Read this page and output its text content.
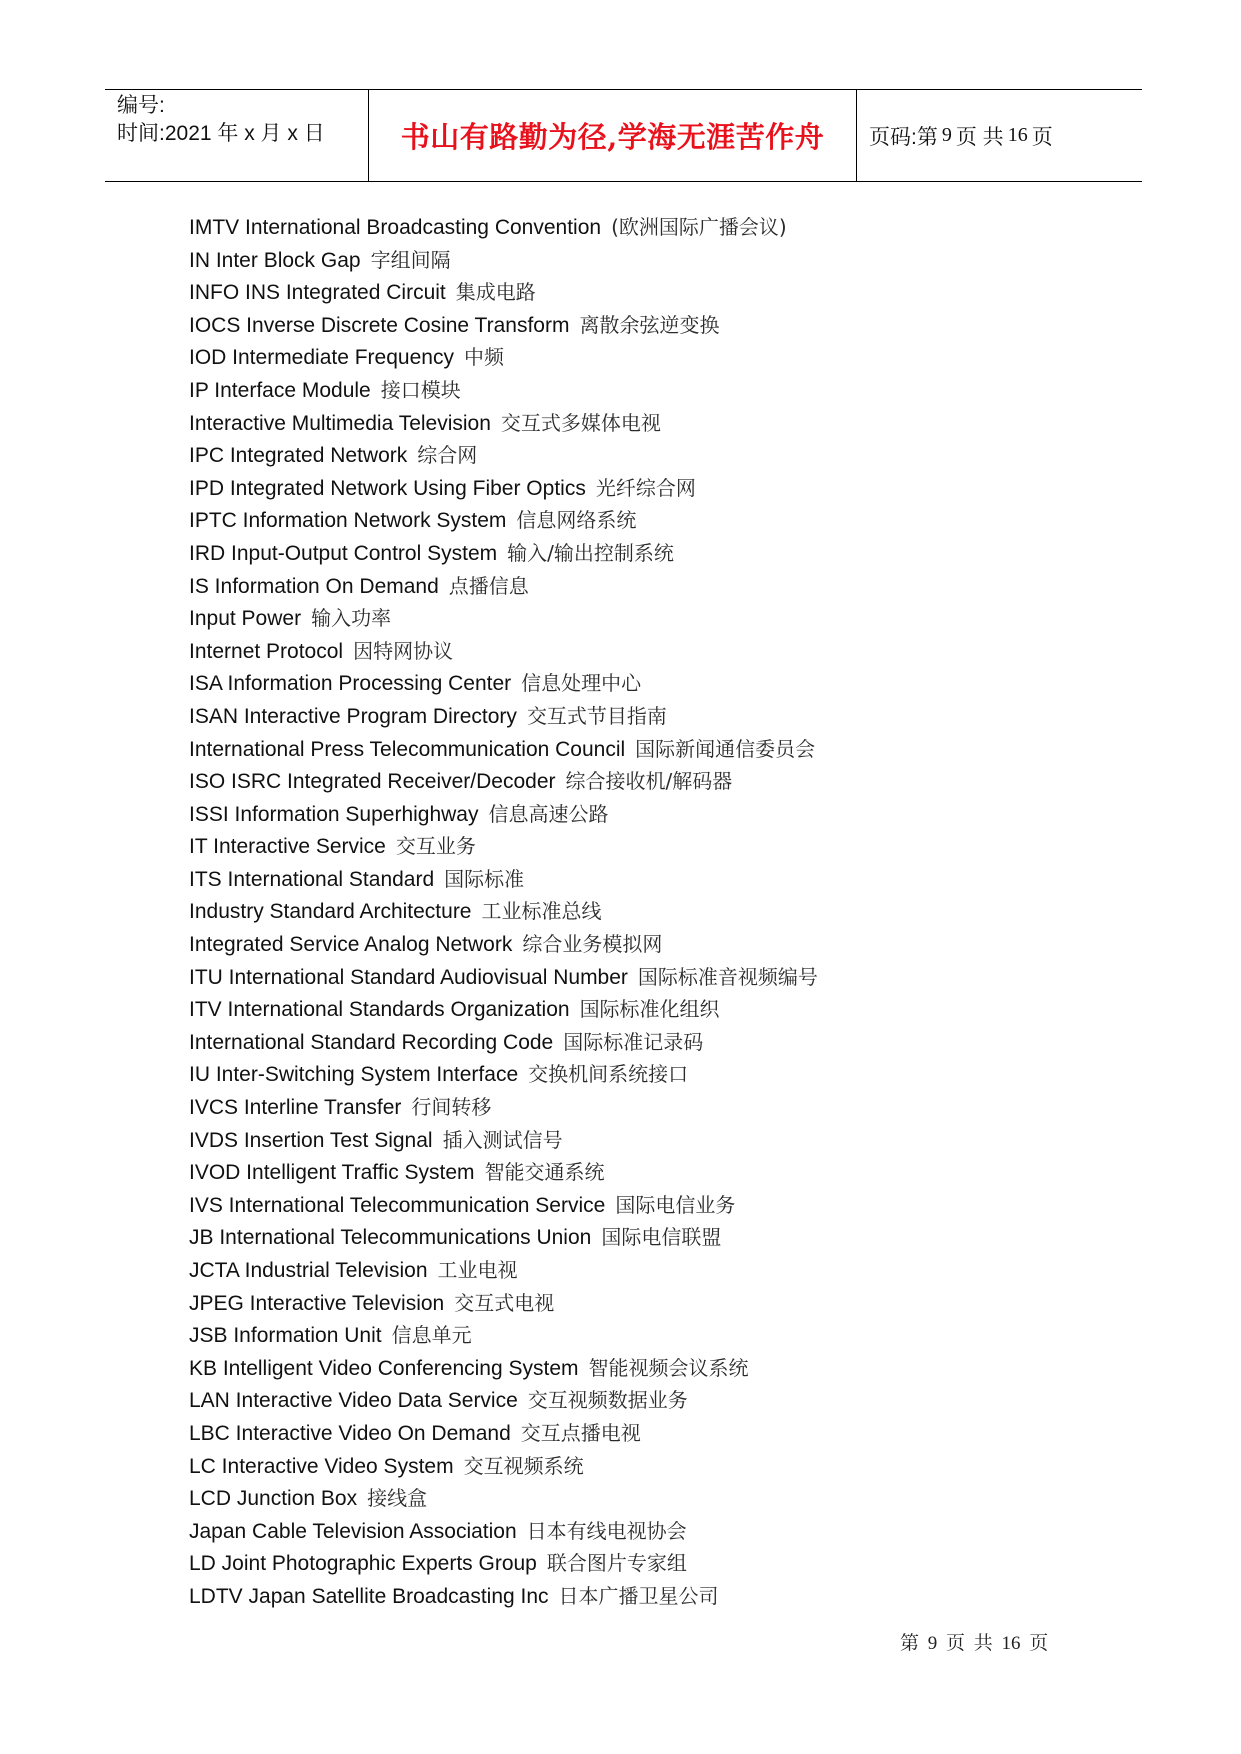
编号:
时间:2021 年 x 月 x 日	书山有路勤为径,学海无涯苦作舟	页码:第 9 页 共 16 页
IMTV International Broadcasting Convention (欧洲国际广播会议)
IN Inter Block Gap 字组间隔
INFO INS Integrated Circuit 集成电路
IOCS Inverse Discrete Cosine Transform 离散余弦逆变换
IOD Intermediate Frequency 中频
IP Interface Module 接口模块
Interactive Multimedia Television 交互式多媒体电视
IPC Integrated Network 综合网
IPD Integrated Network Using Fiber Optics 光纤综合网
IPTC Information Network System 信息网络系统
IRD Input-Output Control System 输入/输出控制系统
IS Information On Demand 点播信息
Input Power 输入功率
Internet Protocol 因特网协议
ISA Information Processing Center 信息处理中心
ISAN Interactive Program Directory 交互式节目指南
International Press Telecommunication Council 国际新闻通信委员会
ISO ISRC Integrated Receiver/Decoder 综合接收机/解码器
ISSI Information Superhighway 信息高速公路
IT Interactive Service 交互业务
ITS International Standard 国际标准
Industry Standard Architecture 工业标准总线
Integrated Service Analog Network 综合业务模拟网
ITU International Standard Audiovisual Number 国际标准音视频编号
ITV International Standards Organization 国际标准化组织
International Standard Recording Code 国际标准记录码
IU Inter-Switching System Interface 交换机间系统接口
IVCS Interline Transfer 行间转移
IVDS Insertion Test Signal 插入测试信号
IVOD Intelligent Traffic System 智能交通系统
IVS International Telecommunication Service 国际电信业务
JB International Telecommunications Union 国际电信联盟
JCTA Industrial Television 工业电视
JPEG Interactive Television 交互式电视
JSB Information Unit 信息单元
KB Intelligent Video Conferencing System 智能视频会议系统
LAN Interactive Video Data Service 交互视频数据业务
LBC Interactive Video On Demand 交互点播电视
LC Interactive Video System 交互视频系统
LCD Junction Box 接线盒
Japan Cable Television Association 日本有线电视协会
LD Joint Photographic Experts Group 联合图片专家组
LDTV Japan Satellite Broadcasting Inc 日本广播卫星公司
第 9 页 共 16 页
